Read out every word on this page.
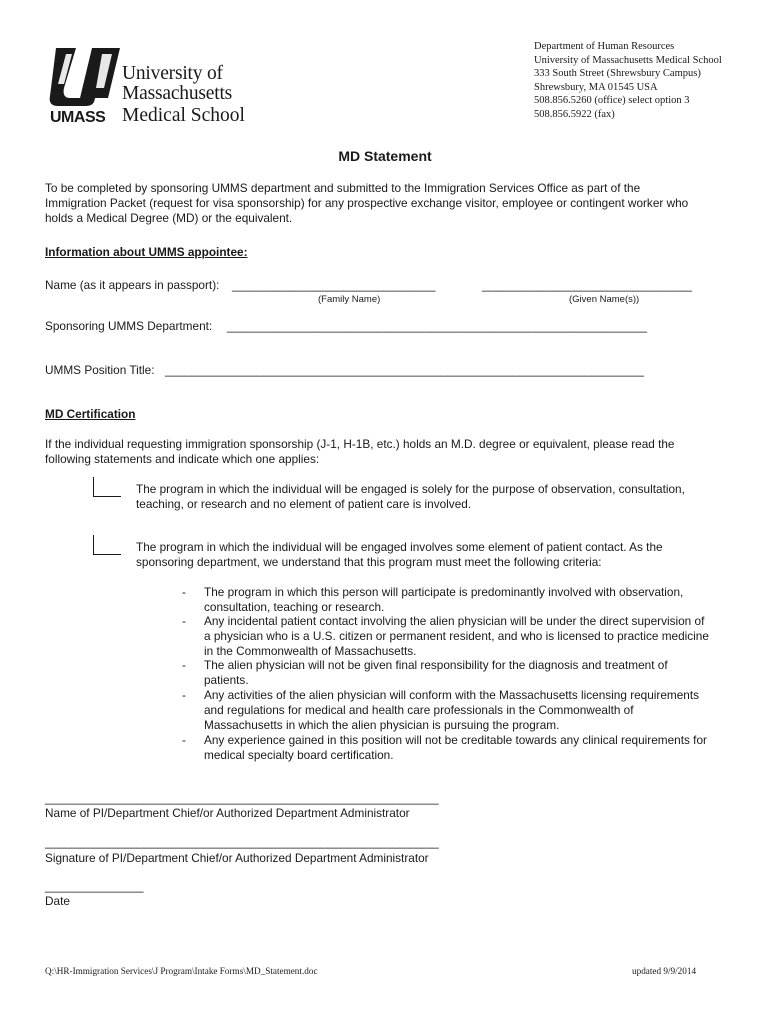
University of
Massachusetts
UMASS Medical School
Department of Human Resources
University of Massachusetts Medical School
333 South Street (Shrewsbury Campus)
Shrewsbury, MA 01545 USA
508.856.5260 (office) select option 3
508.856.5922 (fax)
MD Statement
To be completed by sponsoring UMMS department and submitted to the Immigration Services Office as part of the
Immigration Packet (request for visa sponsorship) for any prospective exchange visitor, employee or contingent worker who
holds a Medical Degree (MD) or the equivalent.
Information about UMMS appointee:
Name (as it appears in passport): _______________________________	________________________________
(Family Name)	(Given Name(s))
Sponsoring UMMS Department: ________________________________________________________________
UMMS Position Title: _________________________________________________________________________
MD Certification
If the individual requesting immigration sponsorship (J-1, H-1B, etc.) holds an M.D. degree or equivalent, please read the
following statements and indicate which one applies:
The program in which the individual will be engaged is solely for the purpose of observation, consultation,
teaching, or research and no element of patient care is involved.
The program in which the individual will be engaged involves some element of patient contact. As the
sponsoring department, we understand that this program must meet the following criteria:
- The program in which this person will participate is predominantly involved with observation,
consultation, teaching or research.
- Any incidental patient contact involving the alien physician will be under the direct supervision of
a physician who is a U.S. citizen or permanent resident, and who is licensed to practice medicine
in the Commonwealth of Massachusetts.
- The alien physician will not be given final responsibility for the diagnosis and treatment of
patients.
- Any activities of the alien physician will conform with the Massachusetts licensing requirements
and regulations for medical and health care professionals in the Commonwealth of
Massachusetts in which the alien physician is pursuing the program.
- Any experience gained in this position will not be creditable towards any clinical requirements for
medical specialty board certification.
____________________________________________________________
Name of PI/Department Chief/or Authorized Department Administrator
____________________________________________________________
Signature of PI/Department Chief/or Authorized Department Administrator
_______________
Date
Q:\HR-Immigration Services\J Program\Intake Forms\MD_Statement.doc	updated 9/9/2014
